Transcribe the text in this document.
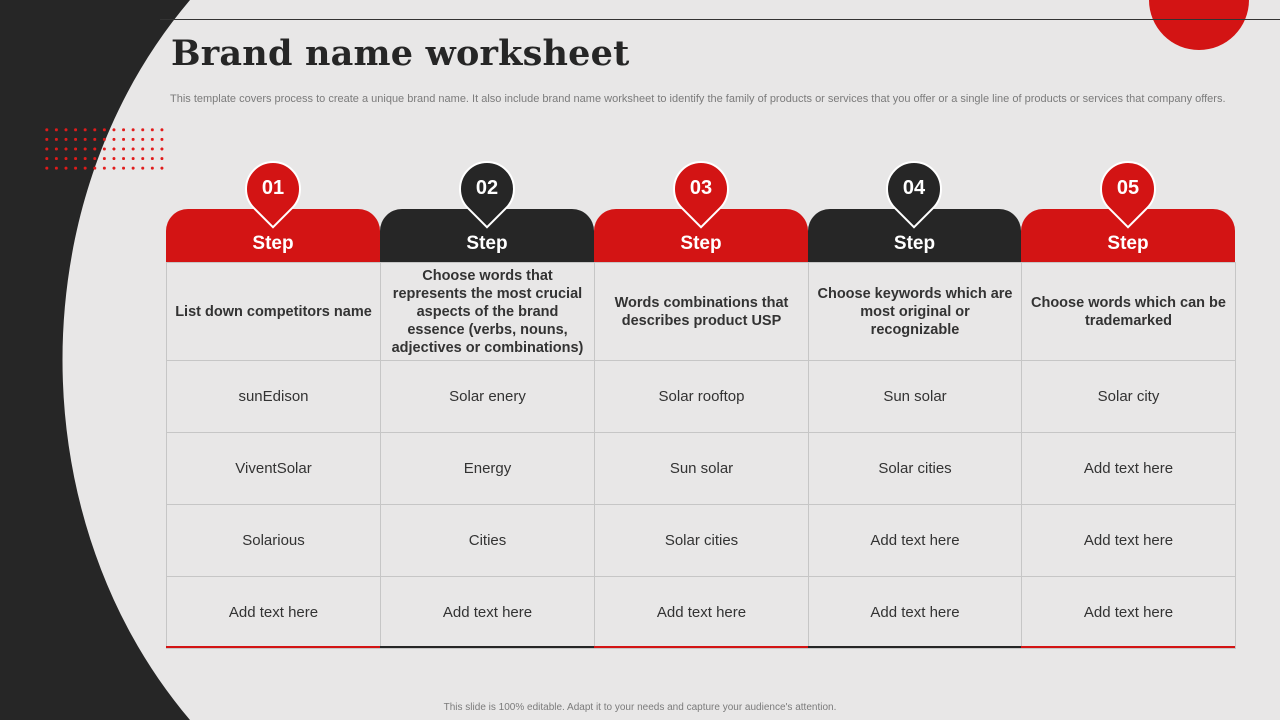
Brand name worksheet

This template covers process to create a unique brand name. It also include brand name worksheet to identify the family of products or services that you offer or a single line of products or services that company offers.

Step
01
Step
02
Step
03
Step
04
Step
05
List down competitors name	Choose words that represents the most crucial aspects of the brand essence (verbs, nouns, adjectives or combinations)	Words combinations that describes product USP	Choose keywords which are most original or recognizable	Choose words which can be trademarked
sunEdison	Solar enery	Solar rooftop	Sun solar	Solar city
ViventSolar	Energy	Sun solar	Solar cities	Add text here
Solarious	Cities	Solar cities	Add text here	Add text here
Add text here	Add text here	Add text here	Add text here	Add text here

This slide is 100% editable. Adapt it to your needs and capture your audience's attention.
